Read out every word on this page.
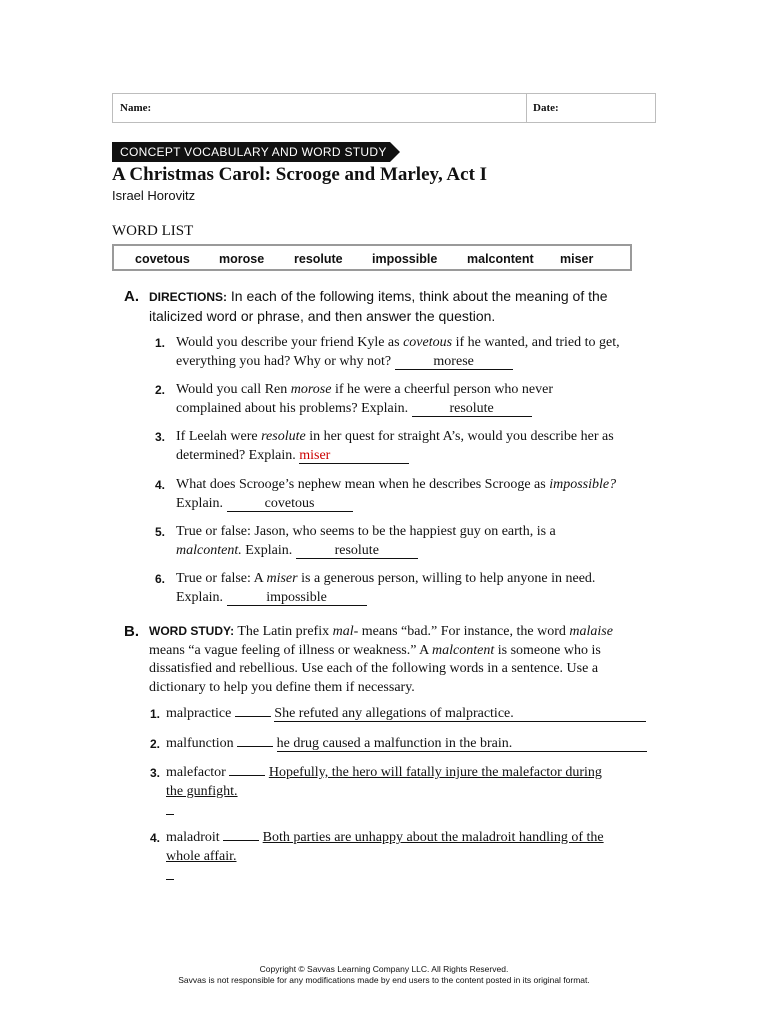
Name:	Date:
CONCEPT VOCABULARY AND WORD STUDY
A Christmas Carol: Scrooge and Marley, Act I
Israel Horovitz
WORD LIST
covetous morose resolute impossible malcontent miser
A. DIRECTIONS: In each of the following items, think about the meaning of the
italicized word or phrase, and then answer the question.
1. Would you describe your friend Kyle as covetous if he wanted, and tried to get,
everything you had? Why or why not?	morese
2. Would you call Ren morose if he were a cheerful person who never
complained about his problems? Explain.	resolute
3. If Leelah were resolute in her quest for straight A’s, would you describe her as
determined? Explain. miser
4. What does Scrooge’s nephew mean when he describes Scrooge as impossible?
Explain.	covetous
5. True or false: Jason, who seems to be the happiest guy on earth, is a
malcontent. Explain.	resolute
6. True or false: A miser is a generous person, willing to help anyone in need.
Explain.	impossible
B. WORD STUDY: The Latin prefix mal- means “bad.” For instance, the word malaise
means “a vague feeling of illness or weakness.” A malcontent is someone who is
dissatisfied and rebellious. Use each of the following words in a sentence. Use a
dictionary to help you define them if necessary.
1. malpractice	She refuted any allegations of malpractice.
2. malfunction	he drug caused a malfunction in the brain.
3. malefactor	Hopefully, the hero will fatally injure the malefactor during
the gunfight.
4. maladroit	Both parties are unhappy about the maladroit handling of the
whole affair.
Copyright © Savvas Learning Company LLC. All Rights Reserved.
Savvas is not responsible for any modifications made by end users to the content posted in its original format.
